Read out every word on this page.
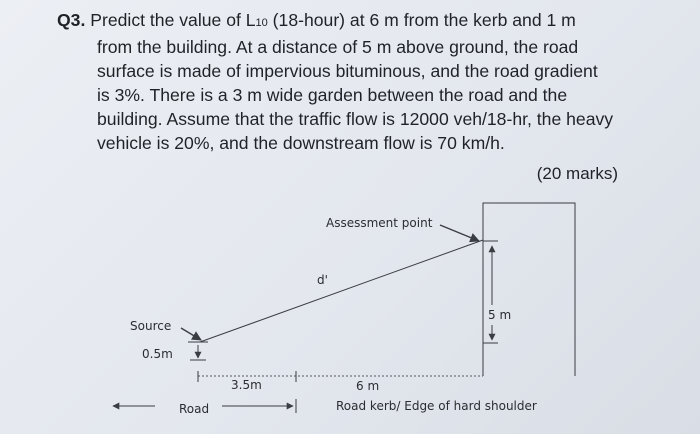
Q3. Predict the value of L10 (18-hour) at 6 m from the kerb and 1 m
from the building. At a distance of 5 m above ground, the road
surface is made of impervious bituminous, and the road gradient
is 3%. There is a 3 m wide garden between the road and the
building. Assume that the traffic flow is 12000 veh/18-hr, the heavy
vehicle is 20%, and the downstream flow is 70 km/h.
(20 marks)
Assessment point
d'
5 m
Source
0.5m
3.5m	6 m
Road	Road kerb/ Edge of hard shoulder
